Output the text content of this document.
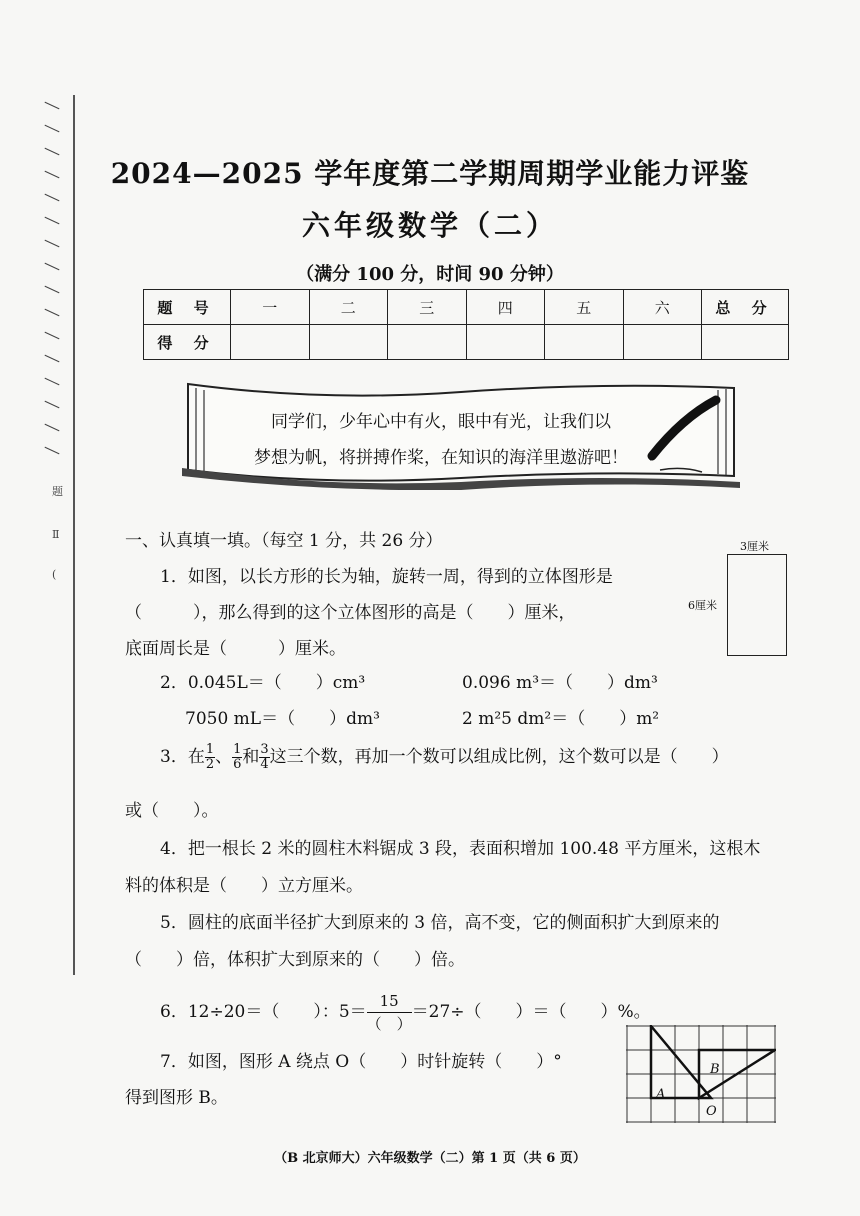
题
Ⅱ
(
2024—2025 学年度第二学期周期学业能力评鉴
六年级数学（二）
（满分 100 分，时间 90 分钟）
题 号	一	二	三	四	五	六	总 分
得 分							
同学们，少年心中有火，眼中有光，让我们以
梦想为帆，将拼搏作桨，在知识的海洋里遨游吧！
一、认真填一填。（每空 1 分，共 26 分）
1．如图，以长方形的长为轴，旋转一周，得到的立体图形是
（　　　），那么得到的这个立体图形的高是（　　）厘米，
底面周长是（　　　）厘米。
3厘米
6厘米
2．0.045L＝（　　）cm³	0.096 m³＝（　　）dm³
7050 mL＝（　　）dm³	2 m²5 dm²＝（　　）m²
3．在 $\frac{1}{2}$ 、 $\frac{1}{6}$ 和 $\frac{3}{4}$ 这三个数，再加一个数可以组成比例，这个数可以是（　　）
或（　　）。
4．把一根长 2 米的圆柱木料锯成 3 段，表面积增加 100.48 平方厘米，这根木
料的体积是（　　）立方厘米。
5．圆柱的底面半径扩大到原来的 3 倍，高不变，它的侧面积扩大到原来的
（　　）倍，体积扩大到原来的（　　）倍。
6．12÷20＝（　　）：$5= \frac{15}{( )} =27\div$（　　）＝（　　）%。
7．如图，图形 A 绕点 O（　　）时针旋转（　　）°
得到图形 B。	A
B
O
（B 北京师大）六年级数学（二）第 1 页（共 6 页）
